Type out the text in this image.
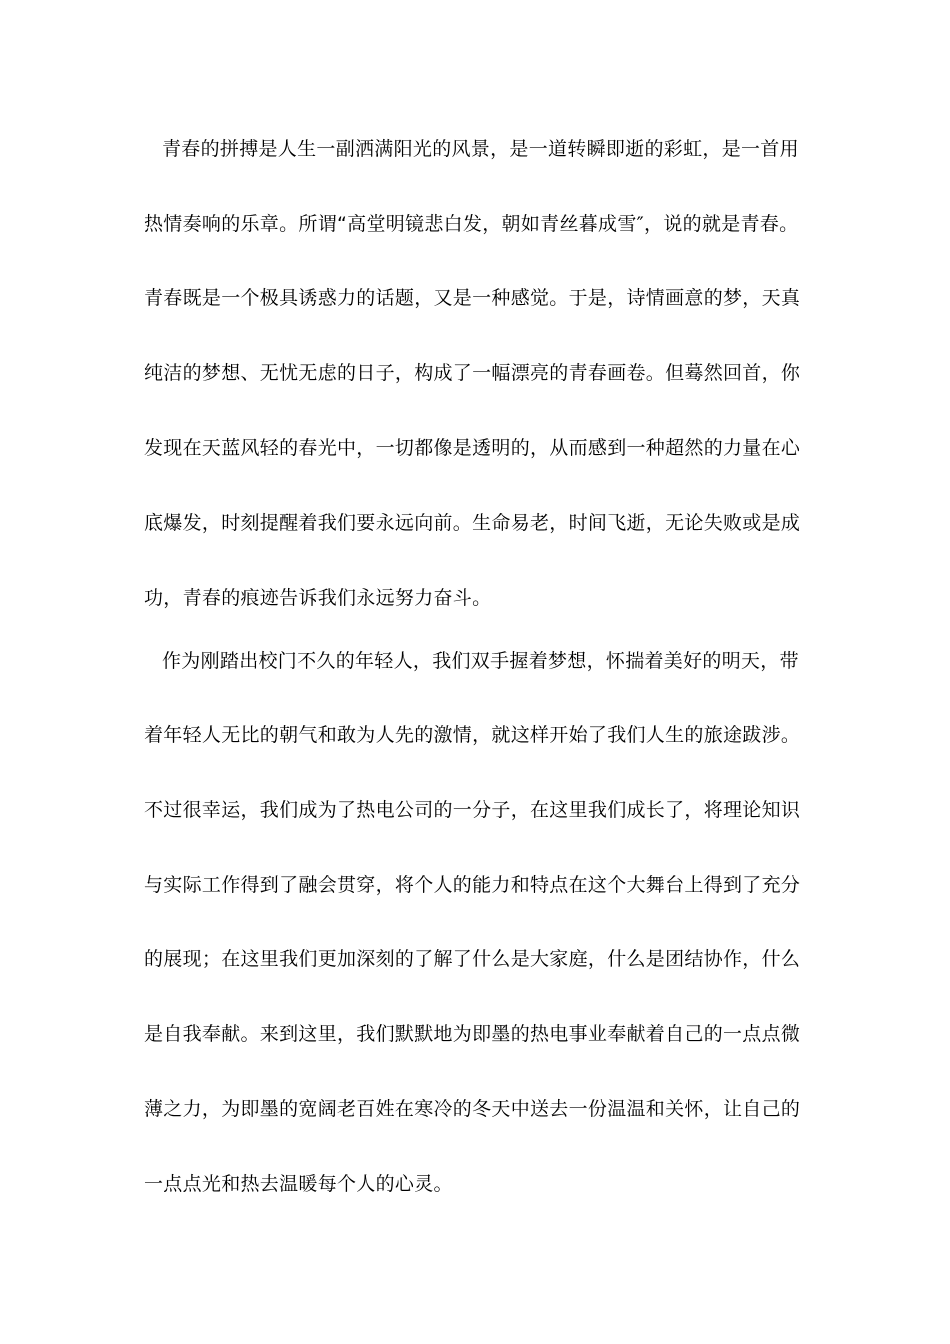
青春的拼搏是人生一副洒满阳光的风景，是一道转瞬即逝的彩虹，是一首用
热情奏响的乐章。所谓“高堂明镜悲白发，朝如青丝暮成雪″，说的就是青春。
青春既是一个极具诱惑力的话题，又是一种感觉。于是，诗情画意的梦，天真
纯洁的梦想、无忧无虑的日子，构成了一幅漂亮的青春画卷。但蓦然回首，你
发现在天蓝风轻的春光中，一切都像是透明的，从而感到一种超然的力量在心
底爆发，时刻提醒着我们要永远向前。生命易老，时间飞逝，无论失败或是成
功，青春的痕迹告诉我们永远努力奋斗。
作为刚踏出校门不久的年轻人，我们双手握着梦想，怀揣着美好的明天，带
着年轻人无比的朝气和敢为人先的激情，就这样开始了我们人生的旅途跋涉。
不过很幸运，我们成为了热电公司的一分子，在这里我们成长了，将理论知识
与实际工作得到了融会贯穿，将个人的能力和特点在这个大舞台上得到了充分
的展现；在这里我们更加深刻的了解了什么是大家庭，什么是团结协作，什么
是自我奉献。来到这里，我们默默地为即墨的热电事业奉献着自己的一点点微
薄之力，为即墨的宽阔老百姓在寒冷的冬天中送去一份温温和关怀，让自己的
一点点光和热去温暖每个人的心灵。
